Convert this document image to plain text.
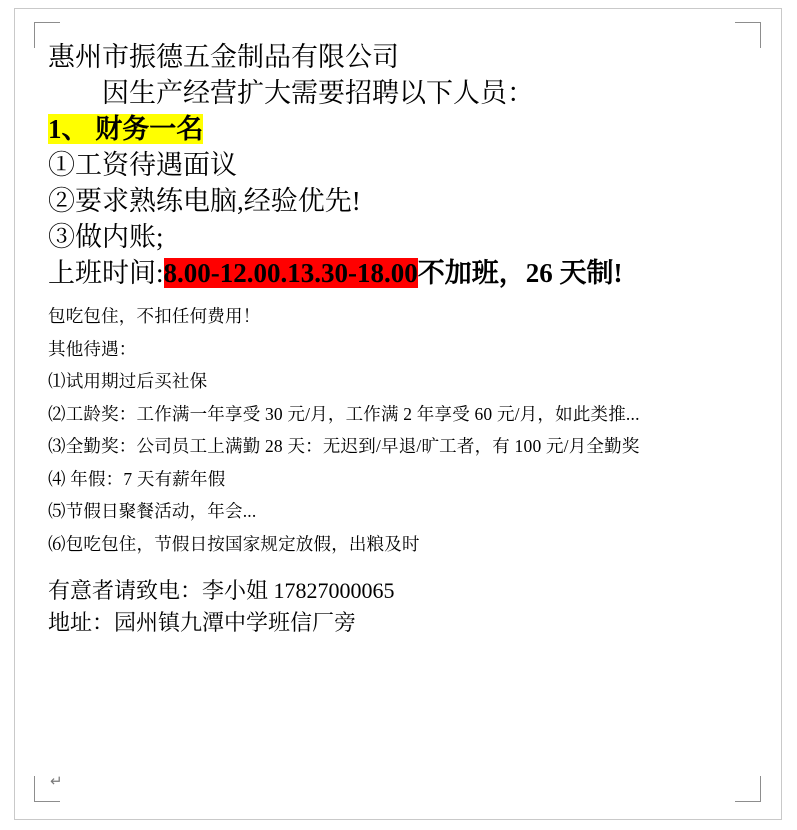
惠州市振德五金制品有限公司
因生产经营扩大需要招聘以下人员：
1、 财务一名
①工资待遇面议
②要求熟练电脑,经验优先!
③做内账;
上班时间:8.00-12.00.13.30-18.00不加班，26 天制!
包吃包住，不扣任何费用！
其他待遇：
⑴试用期过后买社保
⑵工龄奖：工作满一年享受 30 元/月，工作满 2 年享受 60 元/月，如此类推...
⑶全勤奖：公司员工上满勤 28 天：无迟到/早退/旷工者，有 100 元/月全勤奖
⑷ 年假：7 天有薪年假
⑸节假日聚餐活动，年会...
⑹包吃包住，节假日按国家规定放假，出粮及时
有意者请致电：李小姐 17827000065
地址：园州镇九潭中学班信厂旁
↵
